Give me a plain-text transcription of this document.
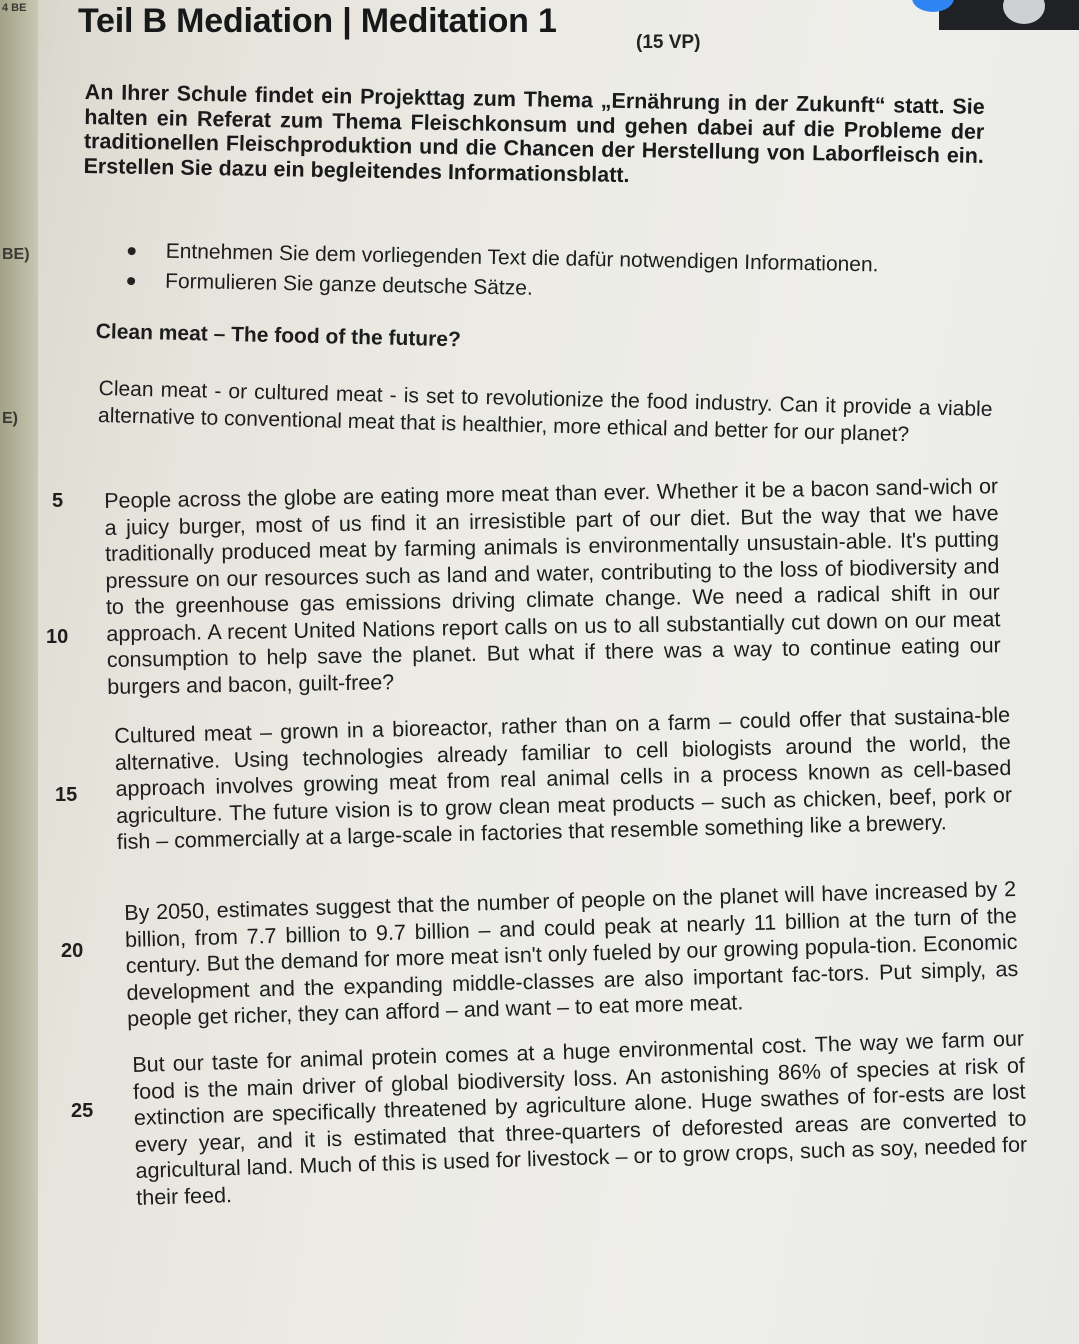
4 BE
BE)
E)
Teil B Mediation | Meditation 1
(15 VP)
An Ihrer Schule findet ein Projekttag zum Thema „Ernährung in der Zukunft“ statt. Sie halten ein Referat zum Thema Fleischkonsum und gehen dabei auf die Probleme der traditionellen Fleischproduktion und die Chancen der Herstellung von Laborfleisch ein. Erstellen Sie dazu ein begleitendes Informationsblatt.
Entnehmen Sie dem vorliegenden Text die dafür notwendigen Informationen.
Formulieren Sie ganze deutsche Sätze.
Clean meat – The food of the future?
Clean meat - or cultured meat - is set to revolutionize the food industry. Can it provide a viable alternative to conventional meat that is healthier, more ethical and better for our planet?
People across the globe are eating more meat than ever. Whether it be a bacon sand-wich or a juicy burger, most of us find it an irresistible part of our diet. But the way that we have traditionally produced meat by farming animals is environmentally unsustain-able. It's putting pressure on our resources such as land and water, contributing to the loss of biodiversity and to the greenhouse gas emissions driving climate change. We need a radical shift in our approach. A recent United Nations report calls on us to all substantially cut down on our meat consumption to help save the planet. But what if there was a way to continue eating our burgers and bacon, guilt-free?
Cultured meat – grown in a bioreactor, rather than on a farm – could offer that sustaina-ble alternative. Using technologies already familiar to cell biologists around the world, the approach involves growing meat from real animal cells in a process known as cell-based agriculture. The future vision is to grow clean meat products – such as chicken, beef, pork or fish – commercially at a large-scale in factories that resemble something like a brewery.
By 2050, estimates suggest that the number of people on the planet will have increased by 2 billion, from 7.7 billion to 9.7 billion – and could peak at nearly 11 billion at the turn of the century. But the demand for more meat isn't only fueled by our growing popula-tion. Economic development and the expanding middle-classes are also important fac-tors. Put simply, as people get richer, they can afford – and want – to eat more meat.
But our taste for animal protein comes at a huge environmental cost. The way we farm our food is the main driver of global biodiversity loss. An astonishing 86% of species at risk of extinction are specifically threatened by agriculture alone. Huge swathes of for-ests are lost every year, and it is estimated that three-quarters of deforested areas are converted to agricultural land. Much of this is used for livestock – or to grow crops, such as soy, needed for their feed.
5
10
15
20
25
